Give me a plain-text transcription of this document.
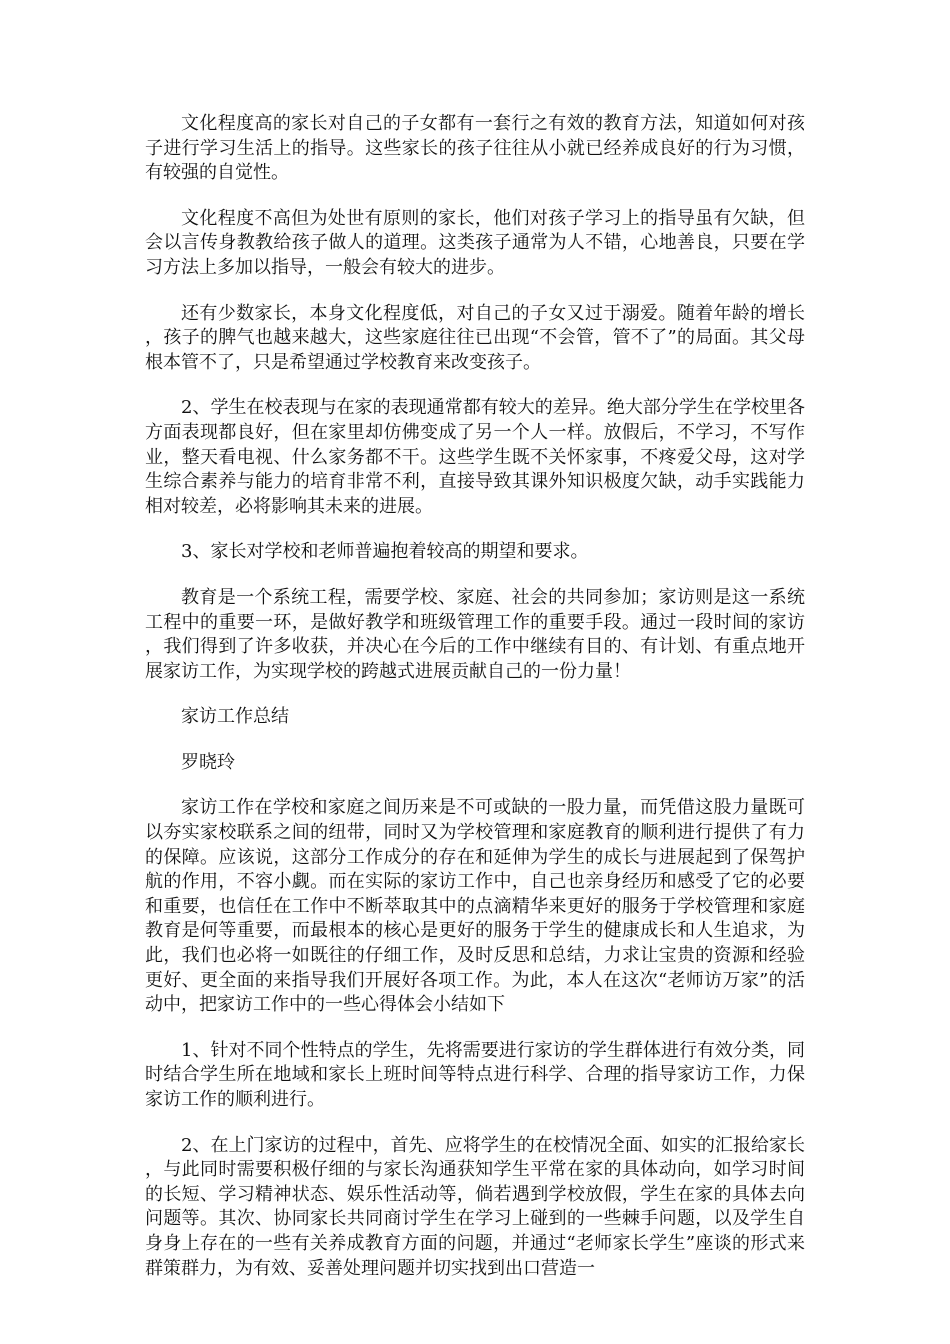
文化程度高的家长对自己的子女都有一套行之有效的教育方法，知道如何对孩子进行学习生活上的指导。这些家长的孩子往往从小就已经养成良好的行为习惯，有较强的自觉性。

文化程度不高但为处世有原则的家长，他们对孩子学习上的指导虽有欠缺，但会以言传身教教给孩子做人的道理。这类孩子通常为人不错，心地善良，只要在学习方法上多加以指导，一般会有较大的进步。

还有少数家长，本身文化程度低，对自己的子女又过于溺爱。随着年龄的增长，孩子的脾气也越来越大，这些家庭往往已出现“不会管，管不了”的局面。其父母根本管不了，只是希望通过学校教育来改变孩子。

2、学生在校表现与在家的表现通常都有较大的差异。绝大部分学生在学校里各方面表现都良好，但在家里却仿佛变成了另一个人一样。放假后，不学习，不写作业，整天看电视、什么家务都不干。这些学生既不关怀家事，不疼爱父母，这对学生综合素养与能力的培育非常不利，直接导致其课外知识极度欠缺，动手实践能力相对较差，必将影响其未来的进展。

3、家长对学校和老师普遍抱着较高的期望和要求。

教育是一个系统工程，需要学校、家庭、社会的共同参加；家访则是这一系统工程中的重要一环，是做好教学和班级管理工作的重要手段。通过一段时间的家访，我们得到了许多收获，并决心在今后的工作中继续有目的、有计划、有重点地开展家访工作，为实现学校的跨越式进展贡献自己的一份力量！

家访工作总结

罗晓玲

家访工作在学校和家庭之间历来是不可或缺的一股力量，而凭借这股力量既可以夯实家校联系之间的纽带，同时又为学校管理和家庭教育的顺利进行提供了有力的保障。应该说，这部分工作成分的存在和延伸为学生的成长与进展起到了保驾护航的作用，不容小觑。而在实际的家访工作中，自己也亲身经历和感受了它的必要和重要，也信任在工作中不断萃取其中的点滴精华来更好的服务于学校管理和家庭教育是何等重要，而最根本的核心是更好的服务于学生的健康成长和人生追求，为此，我们也必将一如既往的仔细工作，及时反思和总结，力求让宝贵的资源和经验更好、更全面的来指导我们开展好各项工作。为此，本人在这次“老师访万家”的活动中，把家访工作中的一些心得体会小结如下

1、针对不同个性特点的学生，先将需要进行家访的学生群体进行有效分类，同时结合学生所在地域和家长上班时间等特点进行科学、合理的指导家访工作，力保家访工作的顺利进行。

2、在上门家访的过程中，首先、应将学生的在校情况全面、如实的汇报给家长，与此同时需要积极仔细的与家长沟通获知学生平常在家的具体动向，如学习时间的长短、学习精神状态、娱乐性活动等，倘若遇到学校放假，学生在家的具体去向问题等。其次、协同家长共同商讨学生在学习上碰到的一些棘手问题，以及学生自身身上存在的一些有关养成教育方面的问题，并通过“老师家长学生”座谈的形式来群策群力，为有效、妥善处理问题并切实找到出口营造一
